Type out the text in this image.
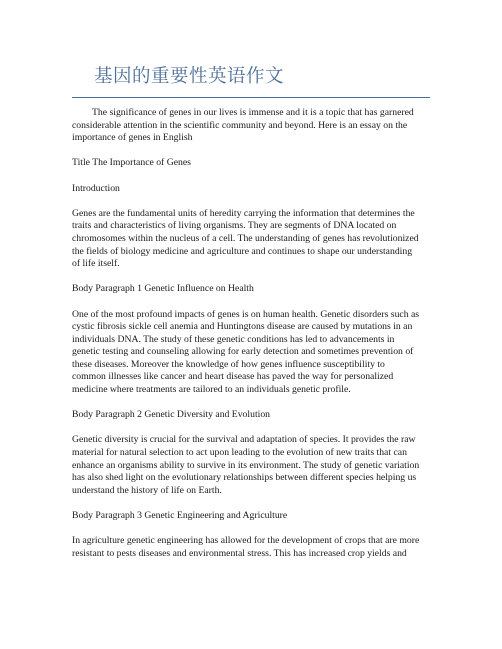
基因的重要性英语作文

The significance of genes in our lives is immense and it is a topic that has garnered
considerable attention in the scientific community and beyond. Here is an essay on the
importance of genes in English

Title The Importance of Genes

Introduction

Genes are the fundamental units of heredity carrying the information that determines the
traits and characteristics of living organisms. They are segments of DNA located on
chromosomes within the nucleus of a cell. The understanding of genes has revolutionized
the fields of biology medicine and agriculture and continues to shape our understanding
of life itself.

Body Paragraph 1 Genetic Influence on Health

One of the most profound impacts of genes is on human health. Genetic disorders such as
cystic fibrosis sickle cell anemia and Huntingtons disease are caused by mutations in an
individuals DNA. The study of these genetic conditions has led to advancements in
genetic testing and counseling allowing for early detection and sometimes prevention of
these diseases. Moreover the knowledge of how genes influence susceptibility to
common illnesses like cancer and heart disease has paved the way for personalized
medicine where treatments are tailored to an individuals genetic profile.

Body Paragraph 2 Genetic Diversity and Evolution

Genetic diversity is crucial for the survival and adaptation of species. It provides the raw
material for natural selection to act upon leading to the evolution of new traits that can
enhance an organisms ability to survive in its environment. The study of genetic variation
has also shed light on the evolutionary relationships between different species helping us
understand the history of life on Earth.

Body Paragraph 3 Genetic Engineering and Agriculture

In agriculture genetic engineering has allowed for the development of crops that are more
resistant to pests diseases and environmental stress. This has increased crop yields and
